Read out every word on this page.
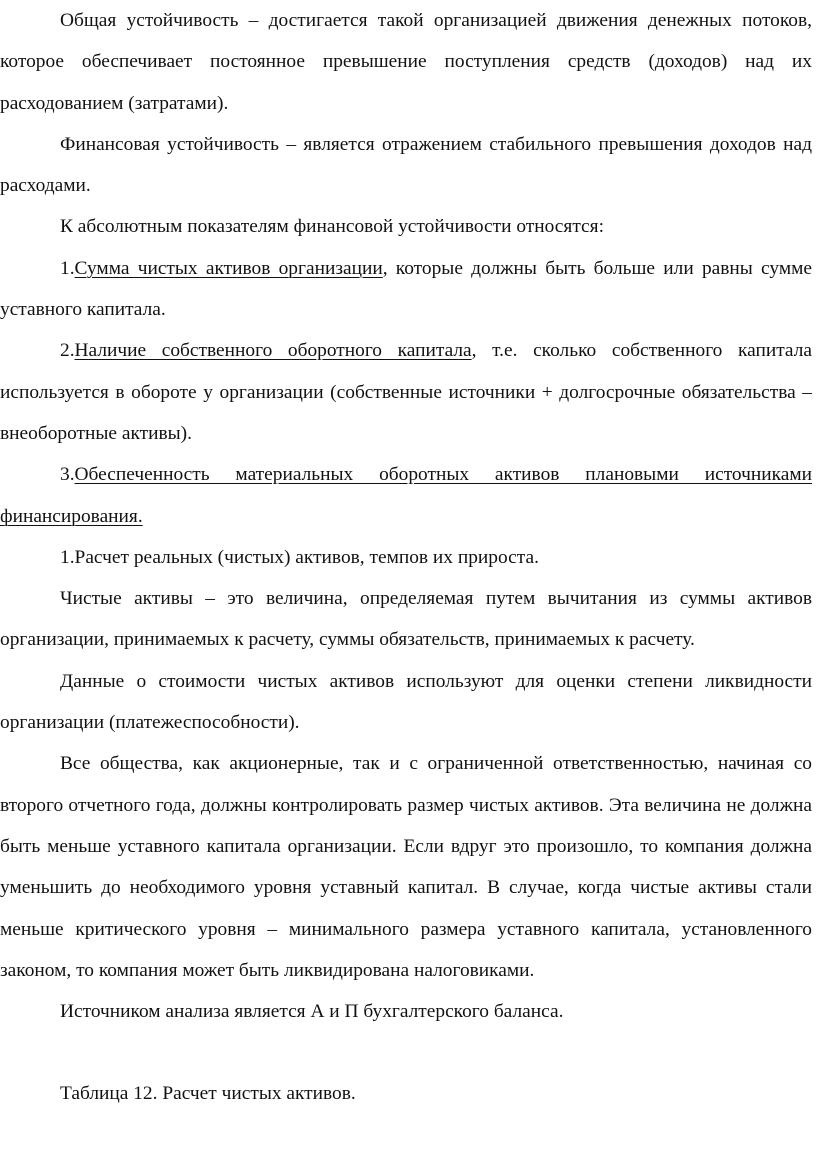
Общая устойчивость – достигается такой организацией движения денежных потоков, которое обеспечивает постоянное превышение поступления средств (доходов) над их расходованием (затратами).

Финансовая устойчивость – является отражением стабильного превышения доходов над расходами.

К абсолютным показателям финансовой устойчивости относятся:

1.Сумма чистых активов организации, которые должны быть больше или равны сумме уставного капитала.

2.Наличие собственного оборотного капитала, т.е. сколько собственного капитала используется в обороте у организации (собственные источники + долгосрочные обязательства – внеоборотные активы).

3.Обеспеченность материальных оборотных активов плановыми источниками финансирования.

1.Расчет реальных (чистых) активов, темпов их прироста.

Чистые активы – это величина, определяемая путем вычитания из суммы активов организации, принимаемых к расчету, суммы обязательств, принимаемых к расчету.

Данные о стоимости чистых активов используют для оценки степени ликвидности организации (платежеспособности).

Все общества, как акционерные, так и с ограниченной ответственностью, начиная со второго отчетного года, должны контролировать размер чистых активов. Эта величина не должна быть меньше уставного капитала организации. Если вдруг это произошло, то компания должна уменьшить до необходимого уровня уставный капитал. В случае, когда чистые активы стали меньше критического уровня – минимального размера уставного капитала, установленного законом, то компания может быть ликвидирована налоговиками.

Источником анализа является А и П бухгалтерского баланса.

Таблица 12. Расчет чистых активов.
